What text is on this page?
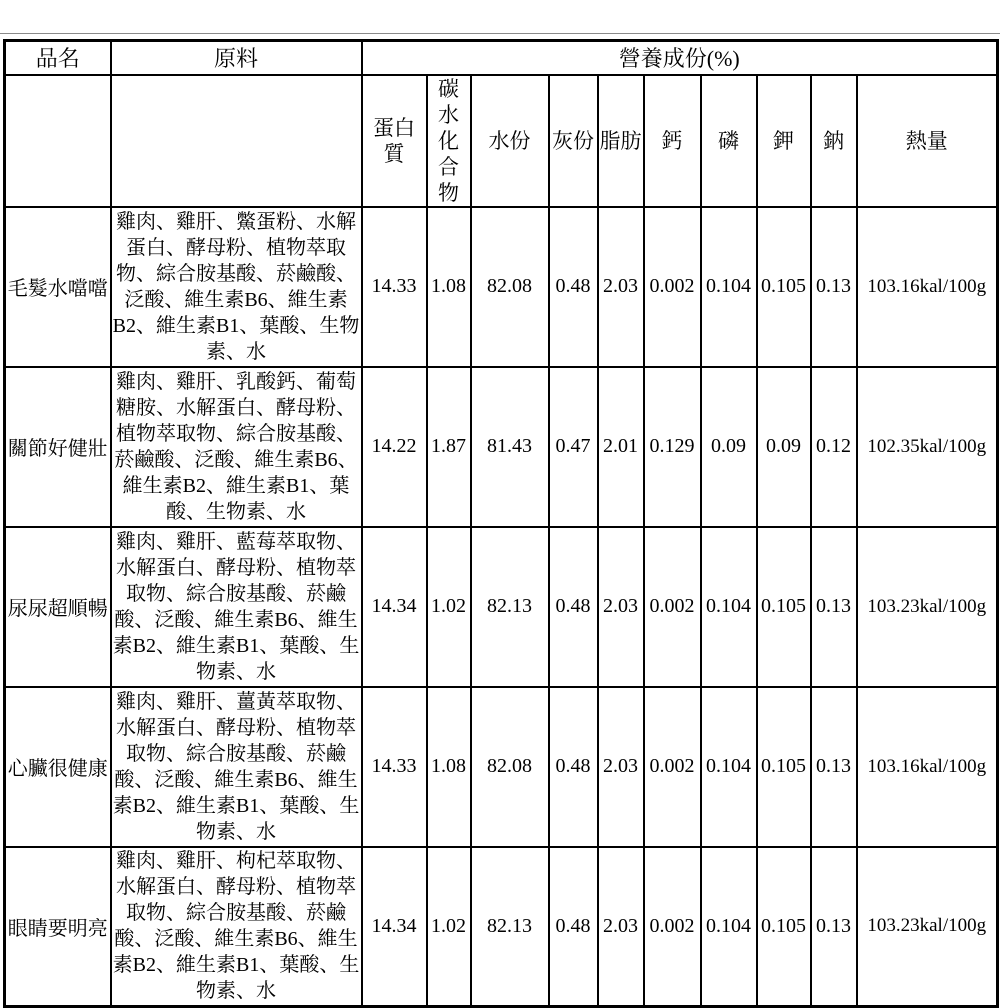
品名	原料	營養成份(%)									
		蛋白質	碳水化合物	水份	灰份	脂肪	鈣	磷	鉀	鈉	熱量
毛髮水噹噹	雞肉、雞肝、鱉蛋粉、水解蛋白、酵母粉、植物萃取物、綜合胺基酸、菸鹼酸、泛酸、維生素B6、維生素B2、維生素B1、葉酸、生物素、水	14.33	1.08	82.08	0.48	2.03	0.002	0.104	0.105	0.13	103.16kal/100g
關節好健壯	雞肉、雞肝、乳酸鈣、葡萄糖胺、水解蛋白、酵母粉、植物萃取物、綜合胺基酸、菸鹼酸、泛酸、維生素B6、維生素B2、維生素B1、葉酸、生物素、水	14.22	1.87	81.43	0.47	2.01	0.129	0.09	0.09	0.12	102.35kal/100g
尿尿超順暢	雞肉、雞肝、藍莓萃取物、水解蛋白、酵母粉、植物萃取物、綜合胺基酸、菸鹼酸、泛酸、維生素B6、維生素B2、維生素B1、葉酸、生物素、水	14.34	1.02	82.13	0.48	2.03	0.002	0.104	0.105	0.13	103.23kal/100g
心臟很健康	雞肉、雞肝、薑黃萃取物、水解蛋白、酵母粉、植物萃取物、綜合胺基酸、菸鹼酸、泛酸、維生素B6、維生素B2、維生素B1、葉酸、生物素、水	14.33	1.08	82.08	0.48	2.03	0.002	0.104	0.105	0.13	103.16kal/100g
眼睛要明亮	雞肉、雞肝、枸杞萃取物、水解蛋白、酵母粉、植物萃取物、綜合胺基酸、菸鹼酸、泛酸、維生素B6、維生素B2、維生素B1、葉酸、生物素、水	14.34	1.02	82.13	0.48	2.03	0.002	0.104	0.105	0.13	103.23kal/100g
